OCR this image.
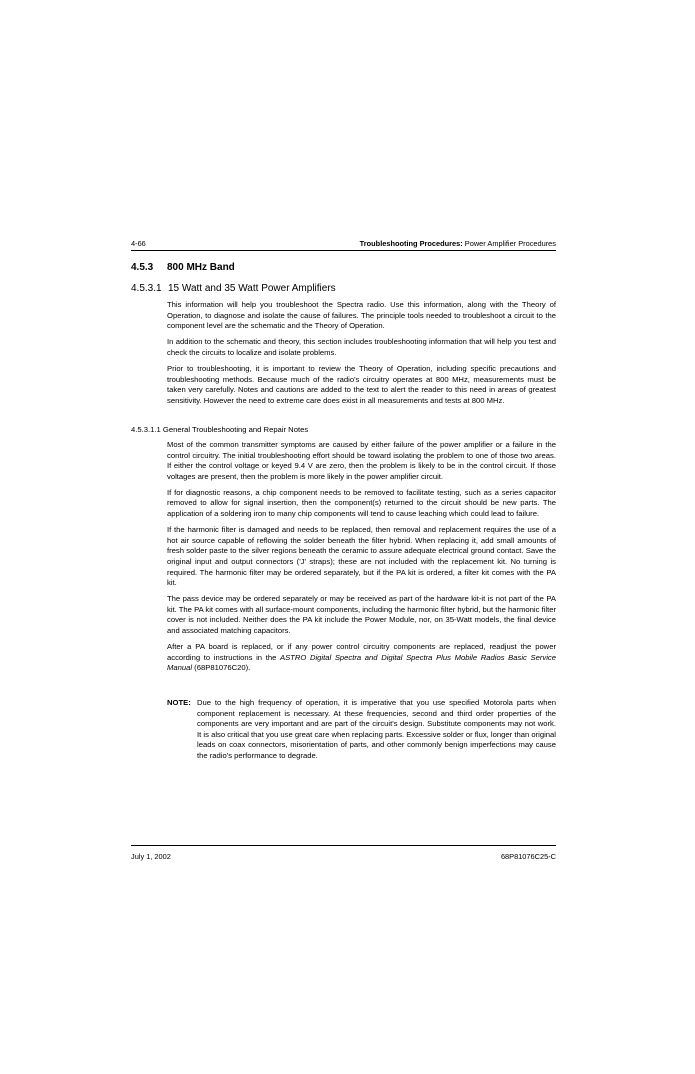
4-66	Troubleshooting Procedures: Power Amplifier Procedures
4.5.3 800 MHz Band
4.5.3.1 15 Watt and 35 Watt Power Amplifiers

This information will help you troubleshoot the Spectra radio. Use this information, along with the Theory of Operation, to diagnose and isolate the cause of failures. The principle tools needed to troubleshoot a circuit to the component level are the schematic and the Theory of Operation.

In addition to the schematic and theory, this section includes troubleshooting information that will help you test and check the circuits to localize and isolate problems.

Prior to troubleshooting, it is important to review the Theory of Operation, including specific precautions and troubleshooting methods. Because much of the radio's circuitry operates at 800 MHz, measurements must be taken very carefully. Notes and cautions are added to the text to alert the reader to this need in areas of greatest sensitivity. However the need to extreme care does exist in all measurements and tests at 800 MHz.

4.5.3.1.1 General Troubleshooting and Repair Notes

Most of the common transmitter symptoms are caused by either failure of the power amplifier or a failure in the control circuitry. The initial troubleshooting effort should be toward isolating the problem to one of those two areas. If either the control voltage or keyed 9.4 V are zero, then the problem is likely to be in the control circuit. If those voltages are present, then the problem is more likely in the power amplifier circuit.

If for diagnostic reasons, a chip component needs to be removed to facilitate testing, such as a series capacitor removed to allow for signal insertion, then the component(s) returned to the circuit should be new parts. The application of a soldering iron to many chip components will tend to cause leaching which could lead to failure.

If the harmonic filter is damaged and needs to be replaced, then removal and replacement requires the use of a hot air source capable of reflowing the solder beneath the filter hybrid. When replacing it, add small amounts of fresh solder paste to the silver regions beneath the ceramic to assure adequate electrical ground contact. Save the original input and output connectors ('J' straps); these are not included with the replacement kit. No turning is required. The harmonic filter may be ordered separately, but if the PA kit is ordered, a filter kit comes with the PA kit.

The pass device may be ordered separately or may be received as part of the hardware kit-it is not part of the PA kit. The PA kit comes with all surface-mount components, including the harmonic filter hybrid, but the harmonic filter cover is not included. Neither does the PA kit include the Power Module, nor, on 35-Watt models, the final device and associated matching capacitors.

After a PA board is replaced, or if any power control circuitry components are replaced, readjust the power according to instructions in the ASTRO Digital Spectra and Digital Spectra Plus Mobile Radios Basic Service Manual (68P81076C20).

NOTE: Due to the high frequency of operation, it is imperative that you use specified Motorola parts when component replacement is necessary. At these frequencies, second and third order properties of the components are very important and are part of the circuit's design. Substitute components may not work. It is also critical that you use great care when replacing parts. Excessive solder or flux, longer than original leads on coax connectors, misorientation of parts, and other commonly benign imperfections may cause the radio's performance to degrade.
July 1, 2002	68P81076C25-C
